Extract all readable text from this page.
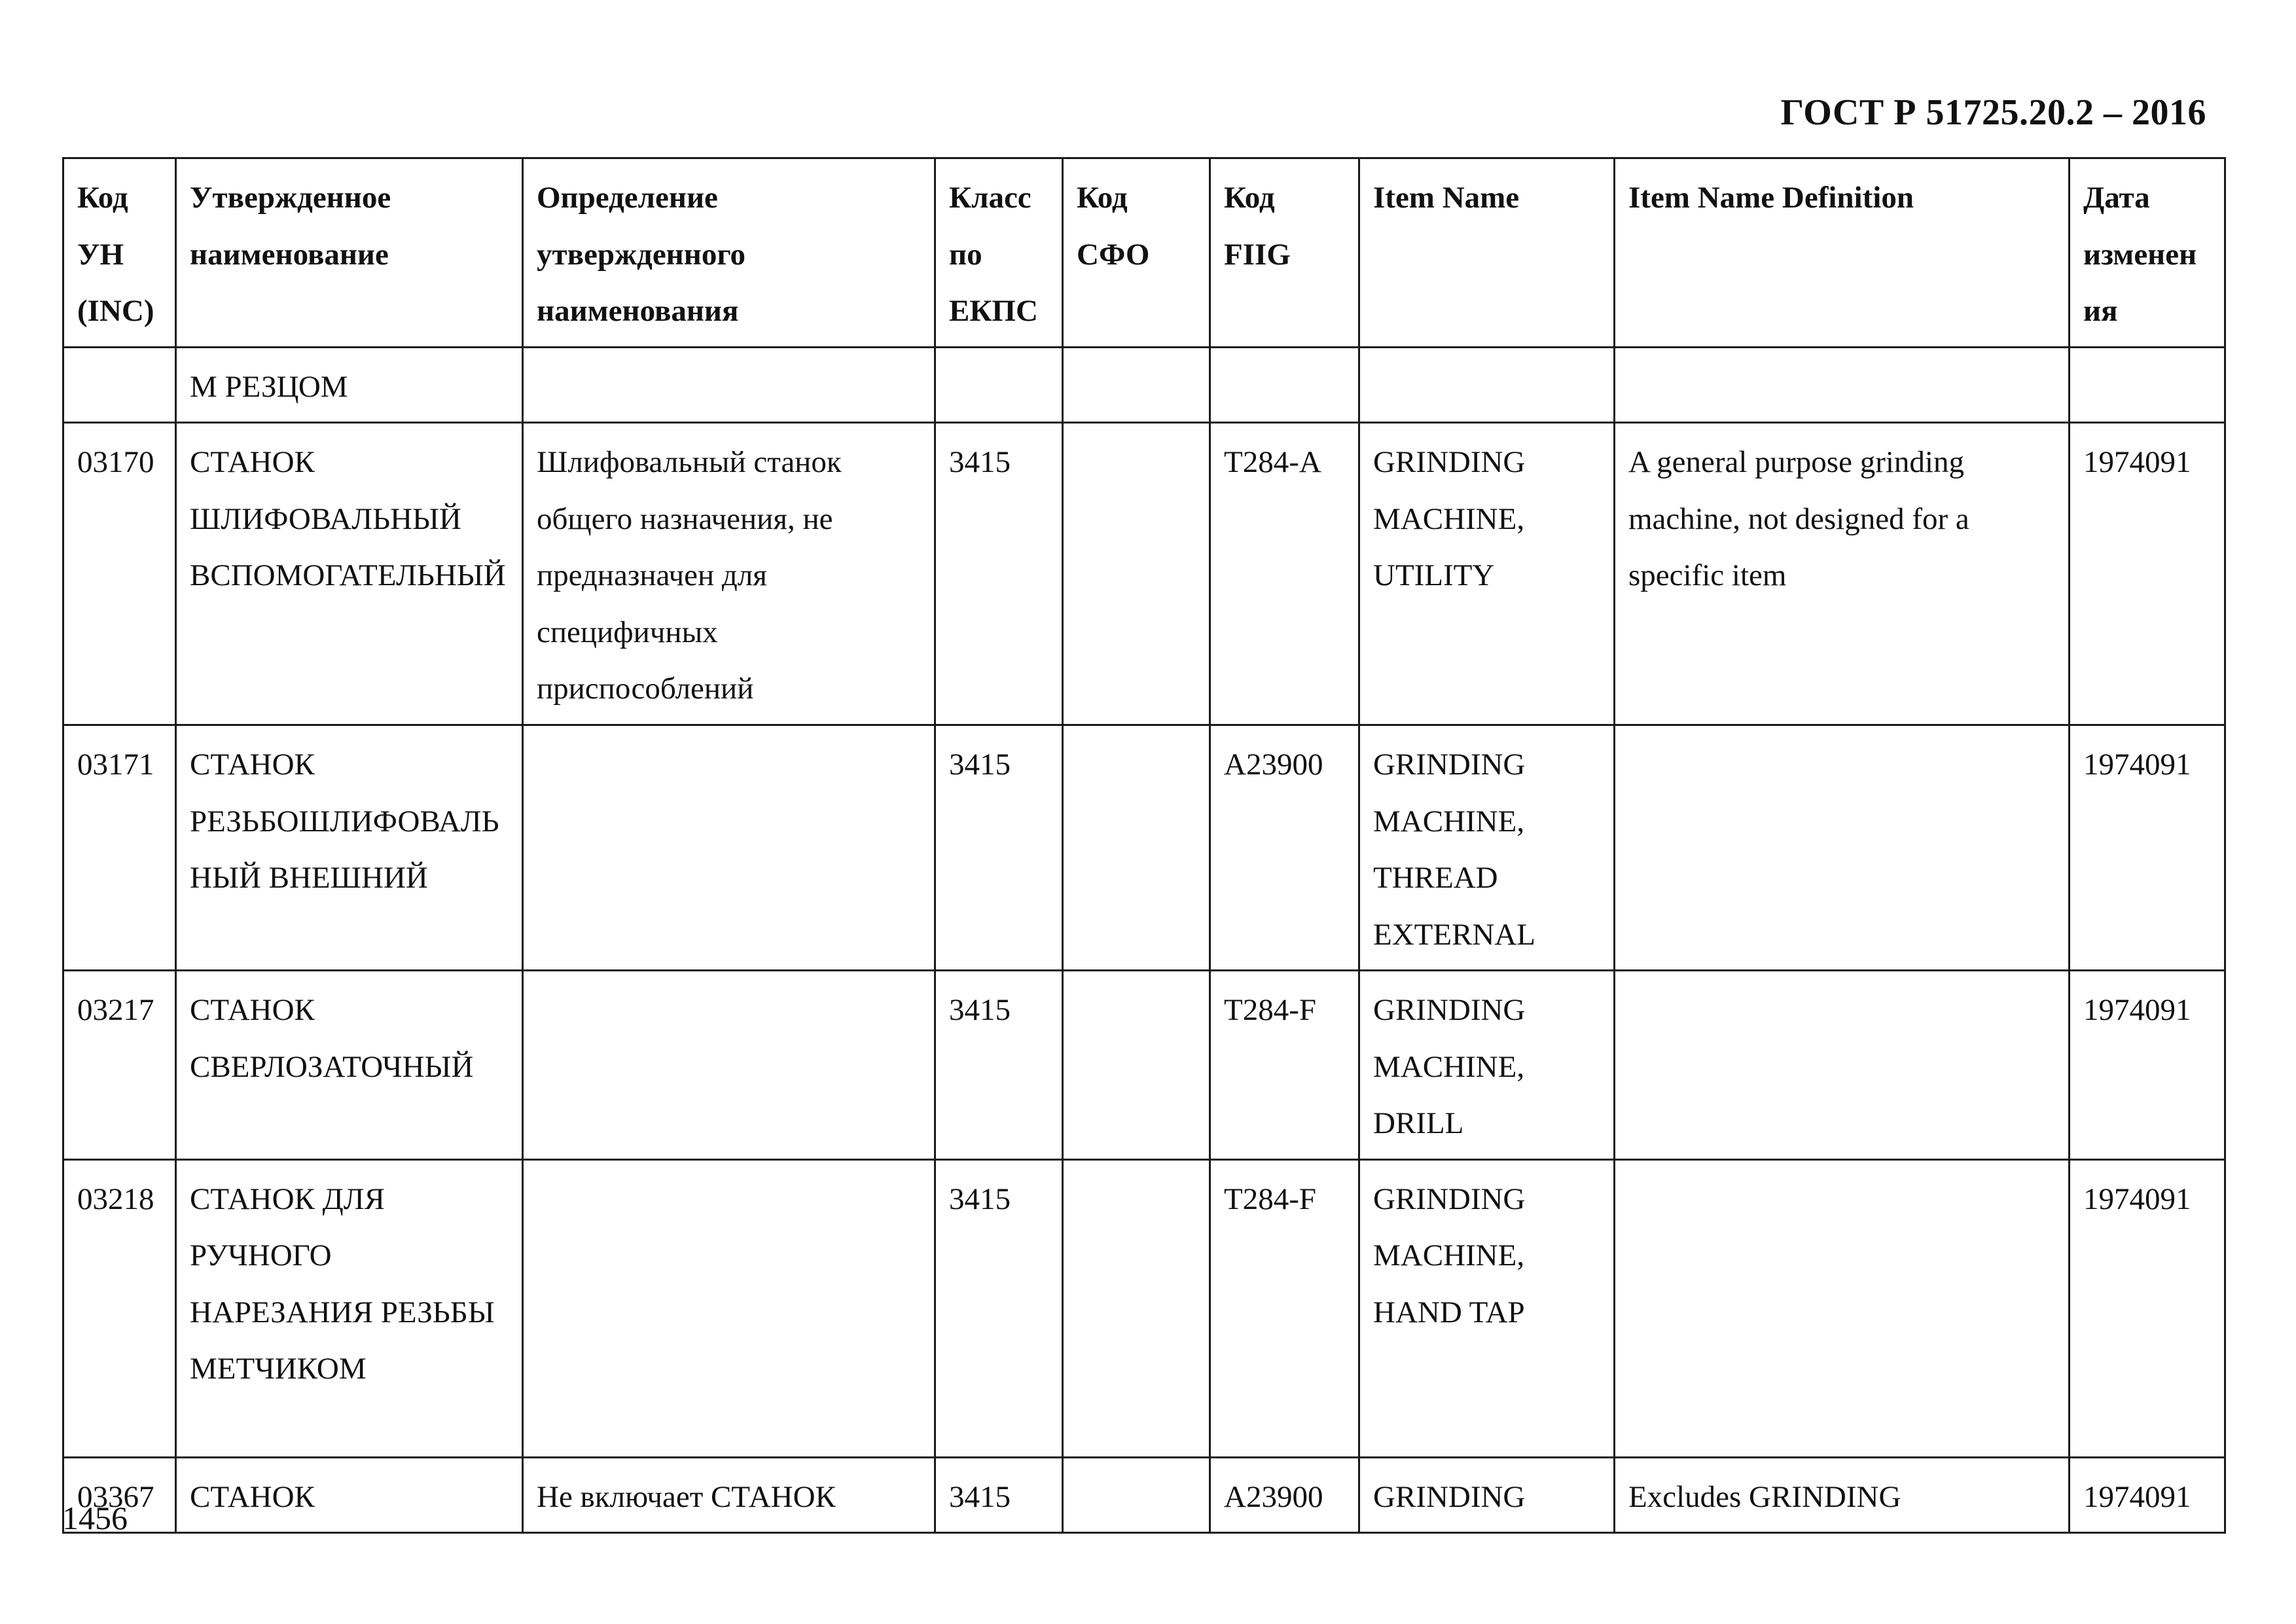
ГОСТ Р 51725.20.2 – 2016
Код УН (INC)	Утвержденное наименование	Определение утвержденного наименования	Класс по ЕКПС	Код СФО	Код FIIG	Item Name	Item Name Definition	Дата изменения
	М РЕЗЦОМ							
03170	СТАНОК ШЛИФОВАЛЬНЫЙ ВСПОМОГАТЕЛЬНЫЙ	Шлифовальный станок общего назначения, не предназначен для специфичных приспособлений	3415		T284-A	GRINDING MACHINE, UTILITY	A general purpose grinding machine, not designed for a specific item	1974091
03171	СТАНОК РЕЗЬБОШЛИФОВАЛЬНЫЙ ВНЕШНИЙ		3415		A23900	GRINDING MACHINE, THREAD EXTERNAL		1974091
03217	СТАНОК СВЕРЛОЗАТОЧНЫЙ		3415		T284-F	GRINDING MACHINE, DRILL		1974091
03218	СТАНОК ДЛЯ РУЧНОГО НАРЕЗАНИЯ РЕЗЬБЫ МЕТЧИКОМ		3415		T284-F	GRINDING MACHINE, HAND TAP		1974091
03367	СТАНОК	Не включает СТАНОК	3415		A23900	GRINDING	Excludes GRINDING	1974091
1456
